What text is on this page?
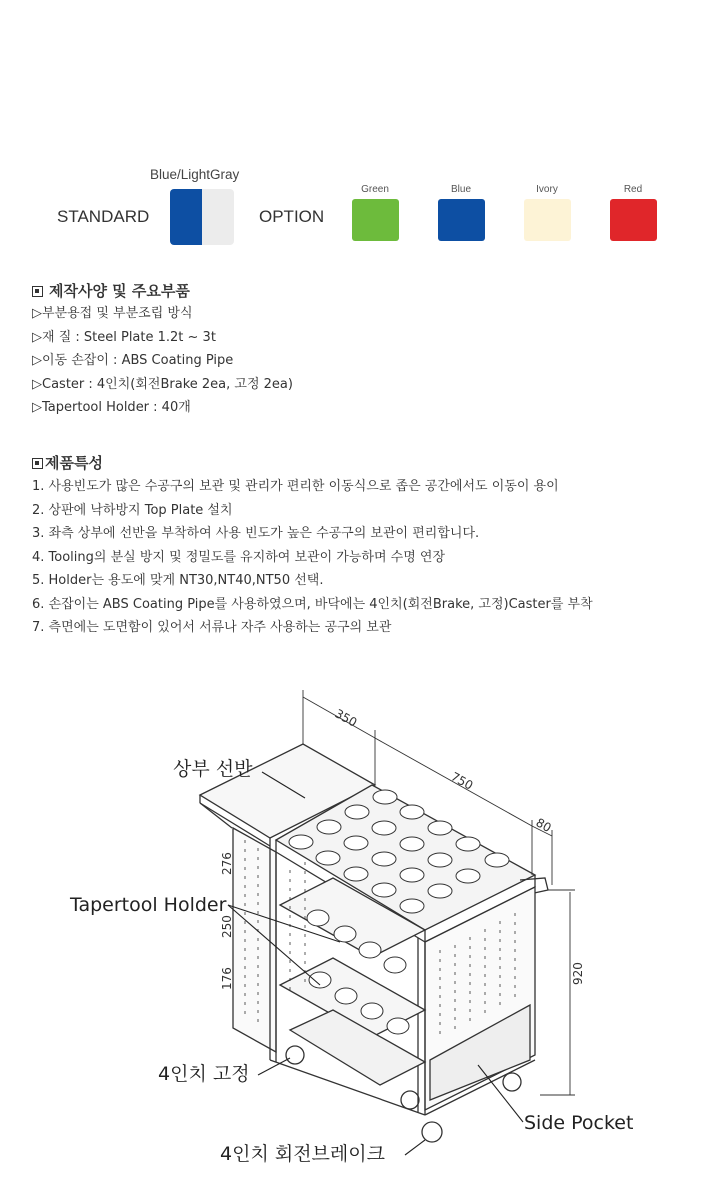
STANDARD
Blue/LightGray
OPTION
Green	Blue	Ivory	Red
제작사양 및 주요부품
▷부분용접 및 부분조립 방식
▷재 질 : Steel Plate 1.2t ~ 3t
▷이동 손잡이 : ABS Coating Pipe
▷Caster : 4인치(회전Brake 2ea, 고정 2ea)
▷Tapertool Holder : 40개
제품특성
1. 사용빈도가 많은 수공구의 보관 및 관리가 편리한 이동식으로 좁은 공간에서도 이동이 용이
2. 상판에 낙하방지 Top Plate 설치
3. 좌측 상부에 선반을 부착하여 사용 빈도가 높은 수공구의 보관이 편리합니다.
4. Tooling의 분실 방지 및 정밀도를 유지하여 보관이 가능하며 수명 연장
5. Holder는 용도에 맞게 NT30,NT40,NT50 선택.
6. 손잡이는 ABS Coating Pipe를 사용하였으며, 바닥에는 4인치(회전Brake, 고정)Caster를 부착
7. 측면에는 도면함이 있어서 서류나 자주 사용하는 공구의 보관
350
750
80
920
276
250
176
상부 선반
Tapertool Holder
4인치 고정
Side Pocket
4인치 회전브레이크
